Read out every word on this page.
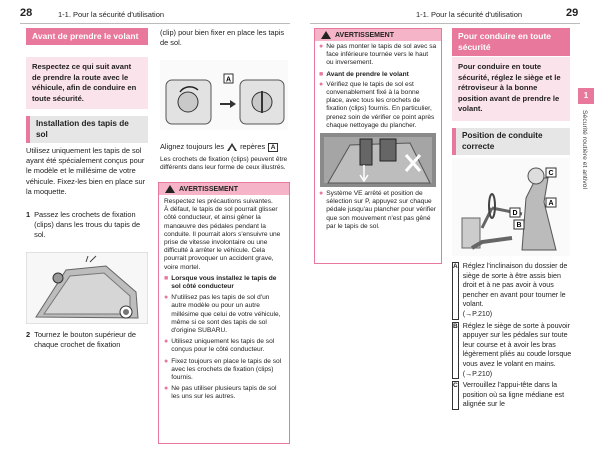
28	1-1. Pour la sécurité d'utilisation
Avant de prendre le volant
Respectez ce qui suit avant de prendre la route avec le véhicule, afin de conduire en toute sécurité.
Installation des tapis de sol
Utilisez uniquement les tapis de sol ayant été spécialement conçus pour le modèle et le millésime de votre véhicule. Fixez-les bien en place sur la moquette.
1 Passez les crochets de fixation (clips) dans les trous du tapis de sol.
2 Tournez le bouton supérieur de chaque crochet de fixation
(clip) pour bien fixer en place les tapis de sol.
A
Alignez toujours les repères A
Les crochets de fixation (clips) peuvent être différents dans leur forme de ceux illustrés.
AVERTISSEMENT
Respectez les précautions suivantes.
À défaut, le tapis de sol pourrait glisser côté conducteur, et ainsi gêner la manœuvre des pédales pendant la conduite. Il pourrait alors s'ensuivre une prise de vitesse involontaire ou une difficulté à arrêter le véhicule. Cela pourrait provoquer un accident grave, voire mortel.
■ Lorsque vous installez le tapis de sol côté conducteur
● N'utilisez pas les tapis de sol d'un autre modèle ou pour un autre millésime que celui de votre véhicule, même si ce sont des tapis de sol d'origine SUBARU.
● Utilisez uniquement les tapis de sol conçus pour le côté conducteur.
● Fixez toujours en place le tapis de sol avec les crochets de fixation (clips) fournis.
● Ne pas utiliser plusieurs tapis de sol les uns sur les autres.
1-1. Pour la sécurité d'utilisation	29
AVERTISSEMENT
● Ne pas monter le tapis de sol avec sa face inférieure tournée vers le haut ou inversement.
■ Avant de prendre le volant
● Vérifiez que le tapis de sol est convenablement fixé à la bonne place, avec tous les crochets de fixation (clips) fournis. En particulier, prenez soin de vérifier ce point après chaque nettoyage du plancher.
● Système VE arrêté et position de sélection sur P, appuyez sur chaque pédale jusqu'au plancher pour vérifier que son mouvement n'est pas gêné par le tapis de sol.
Pour conduire en toute sécurité
Pour conduire en toute sécurité, réglez le siège et le rétroviseur à la bonne position avant de prendre le volant.
Position de conduite correcte
C
A
D
B
A Réglez l'inclinaison du dossier de siège de sorte à être assis bien droit et à ne pas avoir à vous pencher en avant pour tourner le volant.
(→P.210)
B Réglez le siège de sorte à pouvoir appuyer sur les pédales sur toute leur course et à avoir les bras légèrement pliés au coude lorsque vous avez le volant en mains.
(→P.210)
C Verrouillez l'appui-tête dans la position où sa ligne médiane est alignée sur le
1
Sécurité routière et antivol
